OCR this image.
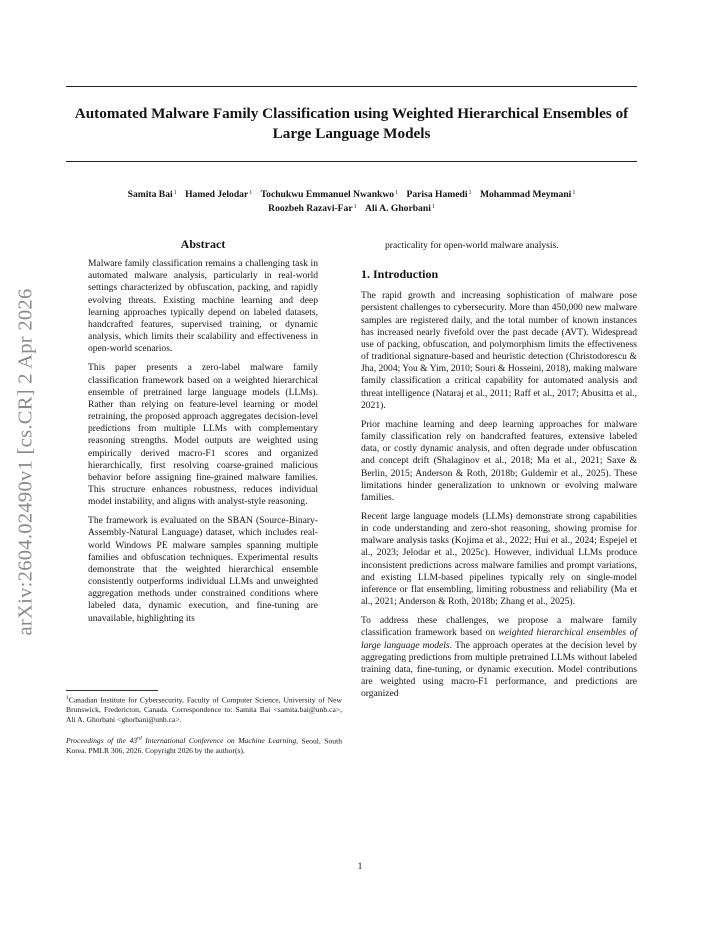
Automated Malware Family Classification using Weighted Hierarchical Ensembles of Large Language Models
Samita Bai$^1$ Hamed Jelodar$^1$ Tochukwu Emmanuel Nwankwo$^1$ Parisa Hamedi$^1$ Mohammad Meymani$^1$
Roozbeh Razavi-Far$^1$ Ali A. Ghorbani$^1$
arXiv:2604.02490v1 [cs.CR] 2 Apr 2026
Abstract

Malware family classification remains a challenging task in automated malware analysis, particularly in real-world settings characterized by obfuscation, packing, and rapidly evolving threats. Existing machine learning and deep learning approaches typically depend on labeled datasets, handcrafted features, supervised training, or dynamic analysis, which limits their scalability and effectiveness in open-world scenarios.

This paper presents a zero-label malware family classification framework based on a weighted hierarchical ensemble of pretrained large language models (LLMs). Rather than relying on feature-level learning or model retraining, the proposed approach aggregates decision-level predictions from multiple LLMs with complementary reasoning strengths. Model outputs are weighted using empirically derived macro-F1 scores and organized hierarchically, first resolving coarse-grained malicious behavior before assigning fine-grained malware families. This structure enhances robustness, reduces individual model instability, and aligns with analyst-style reasoning.

The framework is evaluated on the SBAN (Source-Binary-Assembly-Natural Language) dataset, which includes real-world Windows PE malware samples spanning multiple families and obfuscation techniques. Experimental results demonstrate that the weighted hierarchical ensemble consistently outperforms individual LLMs and unweighted aggregation methods under constrained conditions where labeled data, dynamic execution, and fine-tuning are unavailable, highlighting its

practicality for open-world malware analysis.

1. Introduction

The rapid growth and increasing sophistication of malware pose persistent challenges to cybersecurity. More than 450,000 new malware samples are registered daily, and the total number of known instances has increased nearly fivefold over the past decade (AVT). Widespread use of packing, obfuscation, and polymorphism limits the effectiveness of traditional signature-based and heuristic detection (Christodorescu & Jha, 2004; You & Yim, 2010; Souri & Hosseini, 2018), making malware family classification a critical capability for automated analysis and threat intelligence (Nataraj et al., 2011; Raff et al., 2017; Abusitta et al., 2021).

Prior machine learning and deep learning approaches for malware family classification rely on handcrafted features, extensive labeled data, or costly dynamic analysis, and often degrade under obfuscation and concept drift (Shalaginov et al., 2018; Ma et al., 2021; Saxe & Berlin, 2015; Anderson & Roth, 2018b; Guldemir et al., 2025). These limitations hinder generalization to unknown or evolving malware families.

Recent large language models (LLMs) demonstrate strong capabilities in code understanding and zero-shot reasoning, showing promise for malware analysis tasks (Kojima et al., 2022; Hui et al., 2024; Espejel et al., 2023; Jelodar et al., 2025c). However, individual LLMs produce inconsistent predictions across malware families and prompt variations, and existing LLM-based pipelines typically rely on single-model inference or flat ensembling, limiting robustness and reliability (Ma et al., 2021; Anderson & Roth, 2018b; Zhang et al., 2025).

To address these challenges, we propose a malware family classification framework based on weighted hierarchical ensembles of large language models. The approach operates at the decision level by aggregating predictions from multiple pretrained LLMs without labeled training data, fine-tuning, or dynamic execution. Model contributions are weighted using macro-F1 performance, and predictions are organized

$^1$Canadian Institute for Cybersecurity, Faculty of Computer Science, University of New Brunswick, Fredericton, Canada. Correspondence to: Samita Bai <samita.bai@unb.ca>, Ali A. Ghorbani <ghorbani@unb.ca>.

Proceedings of the 43rd International Conference on Machine Learning, Seoul, South Korea. PMLR 306, 2026. Copyright 2026 by the author(s).

1
